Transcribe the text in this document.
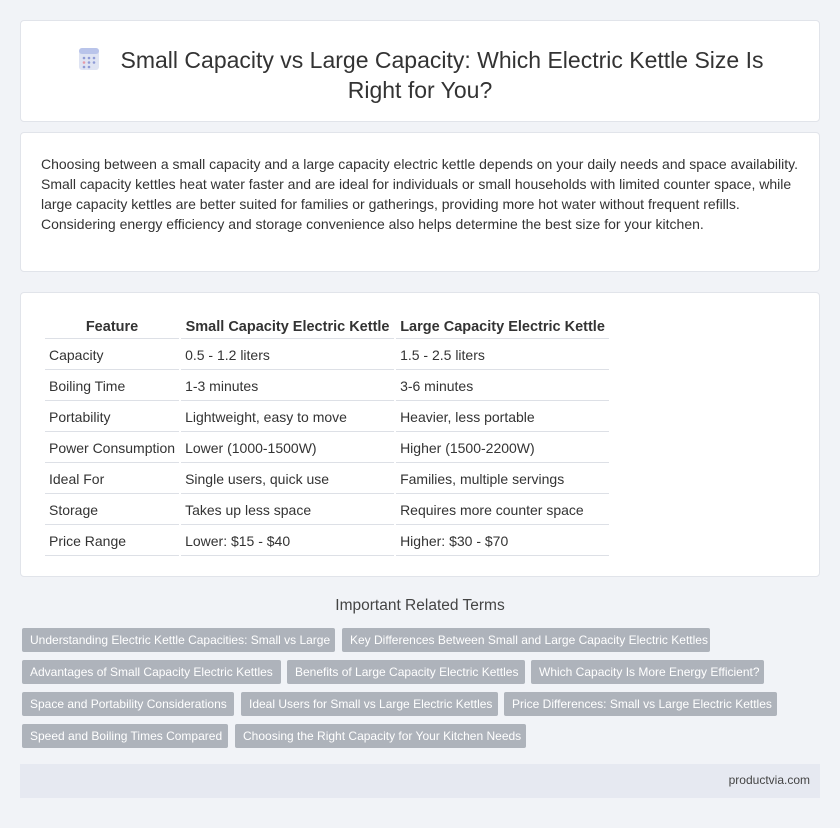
Small Capacity vs Large Capacity: Which Electric Kettle Size Is Right for You?

Choosing between a small capacity and a large capacity electric kettle depends on your daily needs and space availability. Small capacity kettles heat water faster and are ideal for individuals or small households with limited counter space, while large capacity kettles are better suited for families or gatherings, providing more hot water without frequent refills. Considering energy efficiency and storage convenience also helps determine the best size for your kitchen.

Feature	Small Capacity Electric Kettle	Large Capacity Electric Kettle
Capacity	0.5 - 1.2 liters	1.5 - 2.5 liters
Boiling Time	1-3 minutes	3-6 minutes
Portability	Lightweight, easy to move	Heavier, less portable
Power Consumption	Lower (1000-1500W)	Higher (1500-2200W)
Ideal For	Single users, quick use	Families, multiple servings
Storage	Takes up less space	Requires more counter space
Price Range	Lower: $15 - $40	Higher: $30 - $70
Important Related Terms
Understanding Electric Kettle Capacities: Small vs Large	Key Differences Between Small and Large Capacity Electric Kettles
Advantages of Small Capacity Electric Kettles	Benefits of Large Capacity Electric Kettles	Which Capacity Is More Energy Efficient?
Space and Portability Considerations	Ideal Users for Small vs Large Electric Kettles	Price Differences: Small vs Large Electric Kettles
Speed and Boiling Times Compared	Choosing the Right Capacity for Your Kitchen Needs
productvia.com
